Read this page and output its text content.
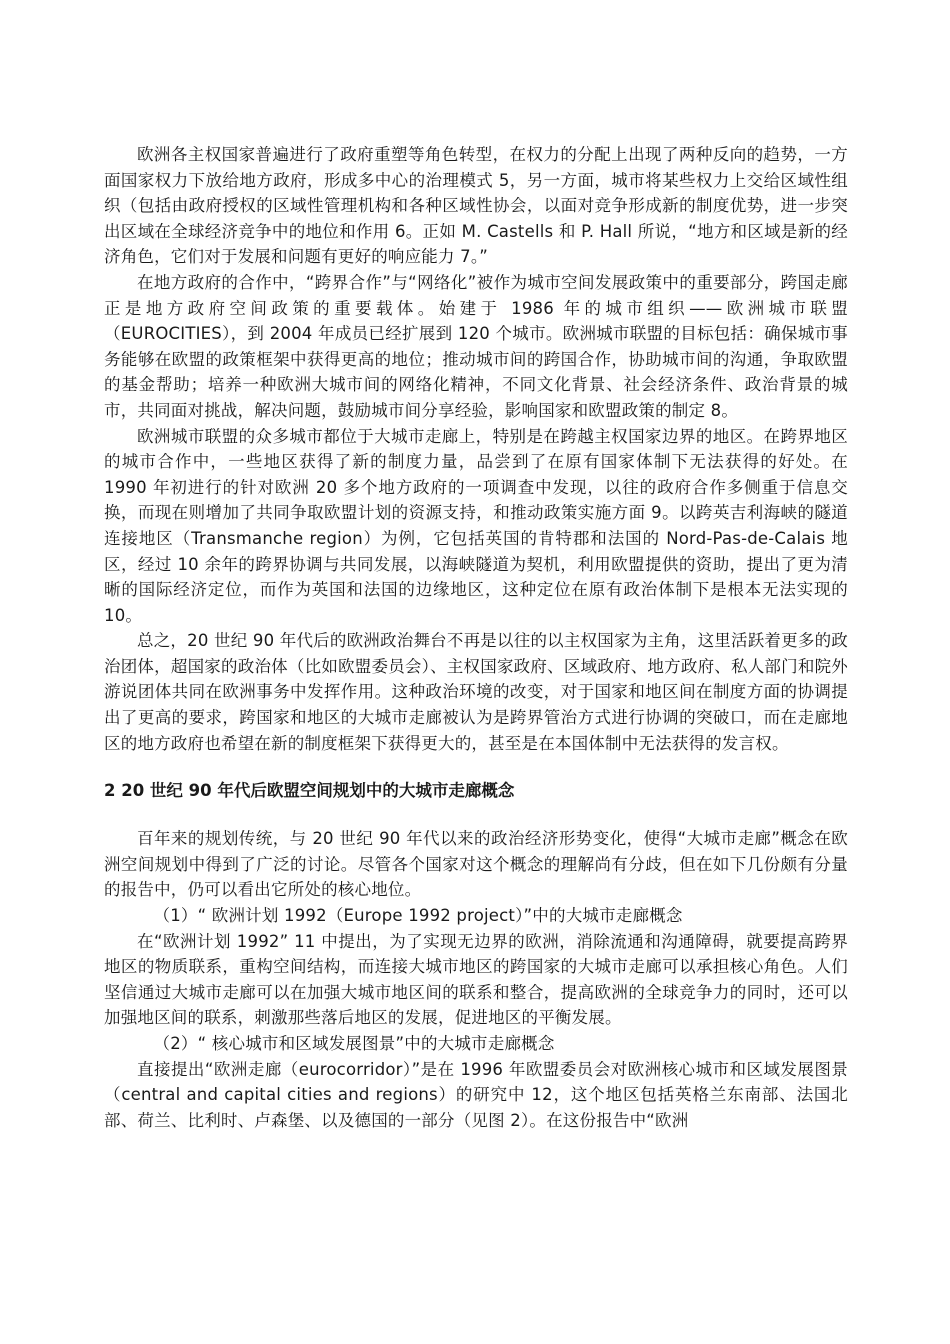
欧洲各主权国家普遍进行了政府重塑等角色转型，在权力的分配上出现了两种反向的趋势，一方面国家权力下放给地方政府，形成多中心的治理模式 5，另一方面，城市将某些权力上交给区域性组织（包括由政府授权的区域性管理机构和各种区域性协会，以面对竞争形成新的制度优势，进一步突出区域在全球经济竞争中的地位和作用 6。正如 M. Castells 和 P. Hall 所说，“地方和区域是新的经济角色，它们对于发展和问题有更好的响应能力 7。”

在地方政府的合作中，“跨界合作”与“网络化”被作为城市空间发展政策中的重要部分，跨国走廊正是地方政府空间政策的重要载体。始建于 1986 年的城市组织——欧洲城市联盟（EUROCITIES），到 2004 年成员已经扩展到 120 个城市。欧洲城市联盟的目标包括：确保城市事务能够在欧盟的政策框架中获得更高的地位；推动城市间的跨国合作，协助城市间的沟通，争取欧盟的基金帮助；培养一种欧洲大城市间的网络化精神，不同文化背景、社会经济条件、政治背景的城市，共同面对挑战，解决问题，鼓励城市间分享经验，影响国家和欧盟政策的制定 8。

欧洲城市联盟的众多城市都位于大城市走廊上，特别是在跨越主权国家边界的地区。在跨界地区的城市合作中，一些地区获得了新的制度力量，品尝到了在原有国家体制下无法获得的好处。在 1990 年初进行的针对欧洲 20 多个地方政府的一项调查中发现，以往的政府合作多侧重于信息交换，而现在则增加了共同争取欧盟计划的资源支持，和推动政策实施方面 9。以跨英吉利海峡的隧道连接地区（Transmanche region）为例，它包括英国的肯特郡和法国的 Nord-Pas-de-Calais 地区，经过 10 余年的跨界协调与共同发展，以海峡隧道为契机，利用欧盟提供的资助，提出了更为清晰的国际经济定位，而作为英国和法国的边缘地区，这种定位在原有政治体制下是根本无法实现的 10。

总之，20 世纪 90 年代后的欧洲政治舞台不再是以往的以主权国家为主角，这里活跃着更多的政治团体，超国家的政治体（比如欧盟委员会）、主权国家政府、区域政府、地方政府、私人部门和院外游说团体共同在欧洲事务中发挥作用。这种政治环境的改变，对于国家和地区间在制度方面的协调提出了更高的要求，跨国家和地区的大城市走廊被认为是跨界管治方式进行协调的突破口，而在走廊地区的地方政府也希望在新的制度框架下获得更大的，甚至是在本国体制中无法获得的发言权。

2 20 世纪 90 年代后欧盟空间规划中的大城市走廊概念

百年来的规划传统，与 20 世纪 90 年代以来的政治经济形势变化，使得“大城市走廊”概念在欧洲空间规划中得到了广泛的讨论。尽管各个国家对这个概念的理解尚有分歧，但在如下几份颇有分量的报告中，仍可以看出它所处的核心地位。

（1）“ 欧洲计划 1992（Europe 1992 project）”中的大城市走廊概念

在“欧洲计划 1992” 11 中提出，为了实现无边界的欧洲，消除流通和沟通障碍，就要提高跨界地区的物质联系，重构空间结构，而连接大城市地区的跨国家的大城市走廊可以承担核心角色。人们坚信通过大城市走廊可以在加强大城市地区间的联系和整合，提高欧洲的全球竞争力的同时，还可以加强地区间的联系，刺激那些落后地区的发展，促进地区的平衡发展。

（2）“ 核心城市和区域发展图景”中的大城市走廊概念

直接提出“欧洲走廊（eurocorridor）”是在 1996 年欧盟委员会对欧洲核心城市和区域发展图景（central and capital cities and regions）的研究中 12，这个地区包括英格兰东南部、法国北部、荷兰、比利时、卢森堡、以及德国的一部分（见图 2）。在这份报告中“欧洲
